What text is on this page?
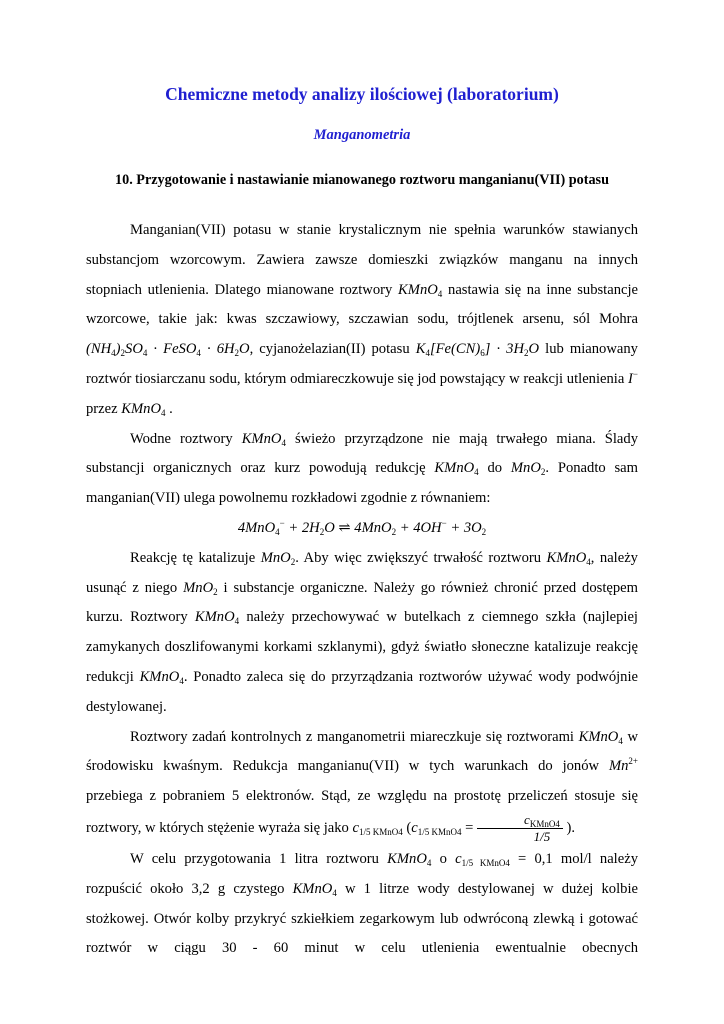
Chemiczne metody analizy ilościowej (laboratorium)
Manganometria
10. Przygotowanie i nastawianie mianowanego roztworu manganianu(VII) potasu

Manganian(VII) potasu w stanie krystalicznym nie spełnia warunków stawianych substancjom wzorcowym. Zawiera zawsze domieszki związków manganu na innych stopniach utlenienia. Dlatego mianowane roztwory KMnO$_4$ nastawia się na inne substancje wzorcowe, takie jak: kwas szczawiowy, szczawian sodu, trójtlenek arsenu, sól Mohra $(NH_4)_2SO_4$ · FeSO$_4$ · $6H_2O$, cyjanożelazian(II) potasu $K_4[Fe(CN)_6] \cdot 3H_2O$ lub mianowany roztwór tiosiarczanu sodu, którym odmiareczkowuje się jod powstający w reakcji utlenienia I− przez KMnO$_4$ .

Wodne roztwory KMnO$_4$ świeżo przyrządzone nie mają trwałego miana. Ślady substancji organicznych oraz kurz powodują redukcję KMnO$_4$ do MnO$_2$. Ponadto sam manganian(VII) ulega powolnemu rozkładowi zgodnie z równaniem:

$4MnO_4^- + 2H_2O$ ⇌ $4MnO_2 + 4OH^- + 3O_2$

Reakcję tę katalizuje MnO$_2$. Aby więc zwiększyć trwałość roztworu KMnO$_4$, należy usunąć z niego MnO$_2$ i substancje organiczne. Należy go również chronić przed dostępem kurzu. Roztwory KMnO$_4$ należy przechowywać w butelkach z ciemnego szkła (najlepiej zamykanych doszlifowanymi korkami szklanymi), gdyż światło słoneczne katalizuje reakcję redukcji KMnO$_4$. Ponadto zaleca się do przyrządzania roztworów używać wody podwójnie destylowanej.

Roztwory zadań kontrolnych z manganometrii miareczkuje się roztworami KMnO$_4$ w środowisku kwaśnym. Redukcja manganianu(VII) w tych warunkach do jonów $Mn^{2+}$ przebiega z pobraniem 5 elektronów. Stąd, ze względu na prostotę przeliczeń stosuje się roztwory, w których stężenie wyraża się jako $c_{1/5 KMnO4}$ ($c_{1/5 KMnO4} = \frac{c_{KMnO4}}{1/5}$ ).

W celu przygotowania 1 litra roztworu KMnO$_4$ o $c_{1/5 KMnO4} = 0,1$ mol/l należy rozpuścić około 3,2 g czystego KMnO$_4$ w 1 litrze wody destylowanej w dużej kolbie stożkowej. Otwór kolby przykryć szkiełkiem zegarkowym lub odwróconą zlewką i gotować roztwór w ciągu 30 - 60 minut w celu utlenienia ewentualnie obecnych
